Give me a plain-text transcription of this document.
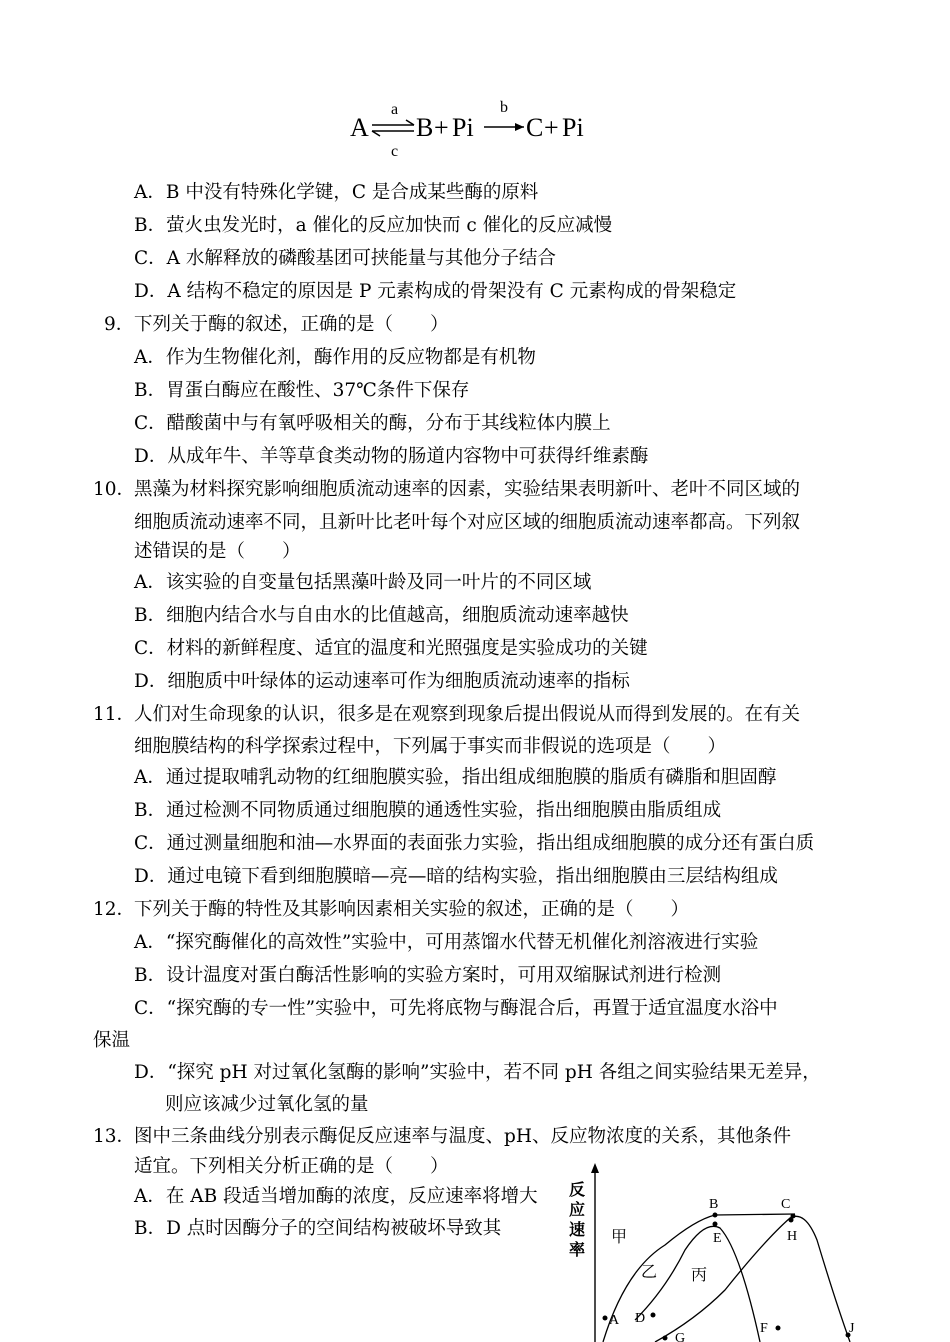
A
a
c
B + Pi
b
C + Pi
A．B 中没有特殊化学键，C 是合成某些酶的原料
B．萤火虫发光时，a 催化的反应加快而 c 催化的反应减慢
C．A 水解释放的磷酸基团可挟能量与其他分子结合
D．A 结构不稳定的原因是 P 元素构成的骨架没有 C 元素构成的骨架稳定
9． 下列关于酶的叙述，正确的是（　　）
A．作为生物催化剂，酶作用的反应物都是有机物
B．胃蛋白酶应在酸性、37℃条件下保存
C．醋酸菌中与有氧呼吸相关的酶，分布于其线粒体内膜上
D．从成年牛、羊等草食类动物的肠道内容物中可获得纤维素酶
10．
黑藻为材料探究影响细胞质流动速率的因素，实验结果表明新叶、老叶不同区域的
细胞质流动速率不同，且新叶比老叶每个对应区域的细胞质流动速率都高。下列叙
述错误的是（　　）
A．该实验的自变量包括黑藻叶龄及同一叶片的不同区域
B．细胞内结合水与自由水的比值越高，细胞质流动速率越快
C．材料的新鲜程度、适宜的温度和光照强度是实验成功的关键
D．细胞质中叶绿体的运动速率可作为细胞质流动速率的指标
11．
人们对生命现象的认识，很多是在观察到现象后提出假说从而得到发展的。在有关
细胞膜结构的科学探索过程中，下列属于事实而非假说的选项是（　　）
A．通过提取哺乳动物的红细胞膜实验，指出组成细胞膜的脂质有磷脂和胆固醇
B．通过检测不同物质通过细胞膜的通透性实验，指出细胞膜由脂质组成
C．通过测量细胞和油—水界面的表面张力实验，指出组成细胞膜的成分还有蛋白质
D．通过电镜下看到细胞膜暗—亮—暗的结构实验，指出细胞膜由三层结构组成
12．
下列关于酶的特性及其影响因素相关实验的叙述，正确的是（　　）
A．“探究酶催化的高效性”实验中，可用蒸馏水代替无机催化剂溶液进行实验
B．设计温度对蛋白酶活性影响的实验方案时，可用双缩脲试剂进行检测
C．“探究酶的专一性”实验中，可先将底物与酶混合后，再置于适宜温度水浴中
保温
D．“探究 pH 对过氧化氢酶的影响”实验中，若不同 pH 各组之间实验结果无差异，
则应该减少过氧化氢的量
13．
图中三条曲线分别表示酶促反应速率与温度、pH、反应物浓度的关系，其他条件
适宜。下列相关分析正确的是（　　）
A．在 AB 段适当增加酶的浓度，反应速率将增大
B．D 点时因酶分子的空间结构被破坏导致其
反
应
速
率
A
B	C
D
E
F
G
H
J
甲
乙 丙
